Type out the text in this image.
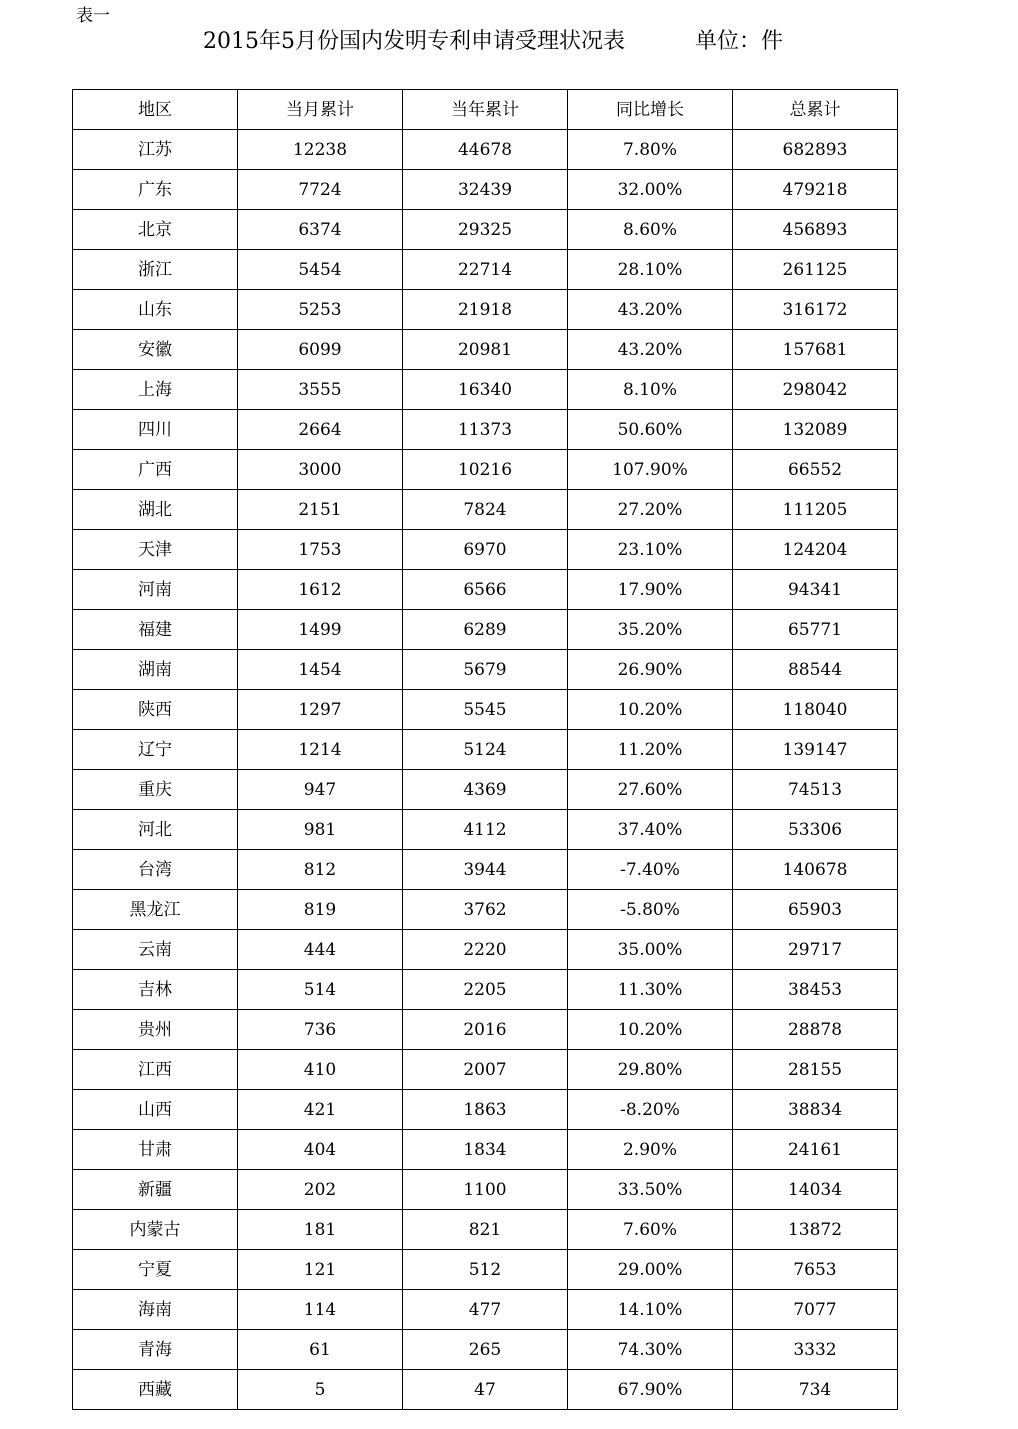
表一
2015年5月份国内发明专利申请受理状况表	单位：件
地区	当月累计	当年累计	同比增长	总累计
江苏	12238	44678	7.80%	682893
广东	7724	32439	32.00%	479218
北京	6374	29325	8.60%	456893
浙江	5454	22714	28.10%	261125
山东	5253	21918	43.20%	316172
安徽	6099	20981	43.20%	157681
上海	3555	16340	8.10%	298042
四川	2664	11373	50.60%	132089
广西	3000	10216	107.90%	66552
湖北	2151	7824	27.20%	111205
天津	1753	6970	23.10%	124204
河南	1612	6566	17.90%	94341
福建	1499	6289	35.20%	65771
湖南	1454	5679	26.90%	88544
陕西	1297	5545	10.20%	118040
辽宁	1214	5124	11.20%	139147
重庆	947	4369	27.60%	74513
河北	981	4112	37.40%	53306
台湾	812	3944	-7.40%	140678
黑龙江	819	3762	-5.80%	65903
云南	444	2220	35.00%	29717
吉林	514	2205	11.30%	38453
贵州	736	2016	10.20%	28878
江西	410	2007	29.80%	28155
山西	421	1863	-8.20%	38834
甘肃	404	1834	2.90%	24161
新疆	202	1100	33.50%	14034
内蒙古	181	821	7.60%	13872
宁夏	121	512	29.00%	7653
海南	114	477	14.10%	7077
青海	61	265	74.30%	3332
西藏	5	47	67.90%	734
